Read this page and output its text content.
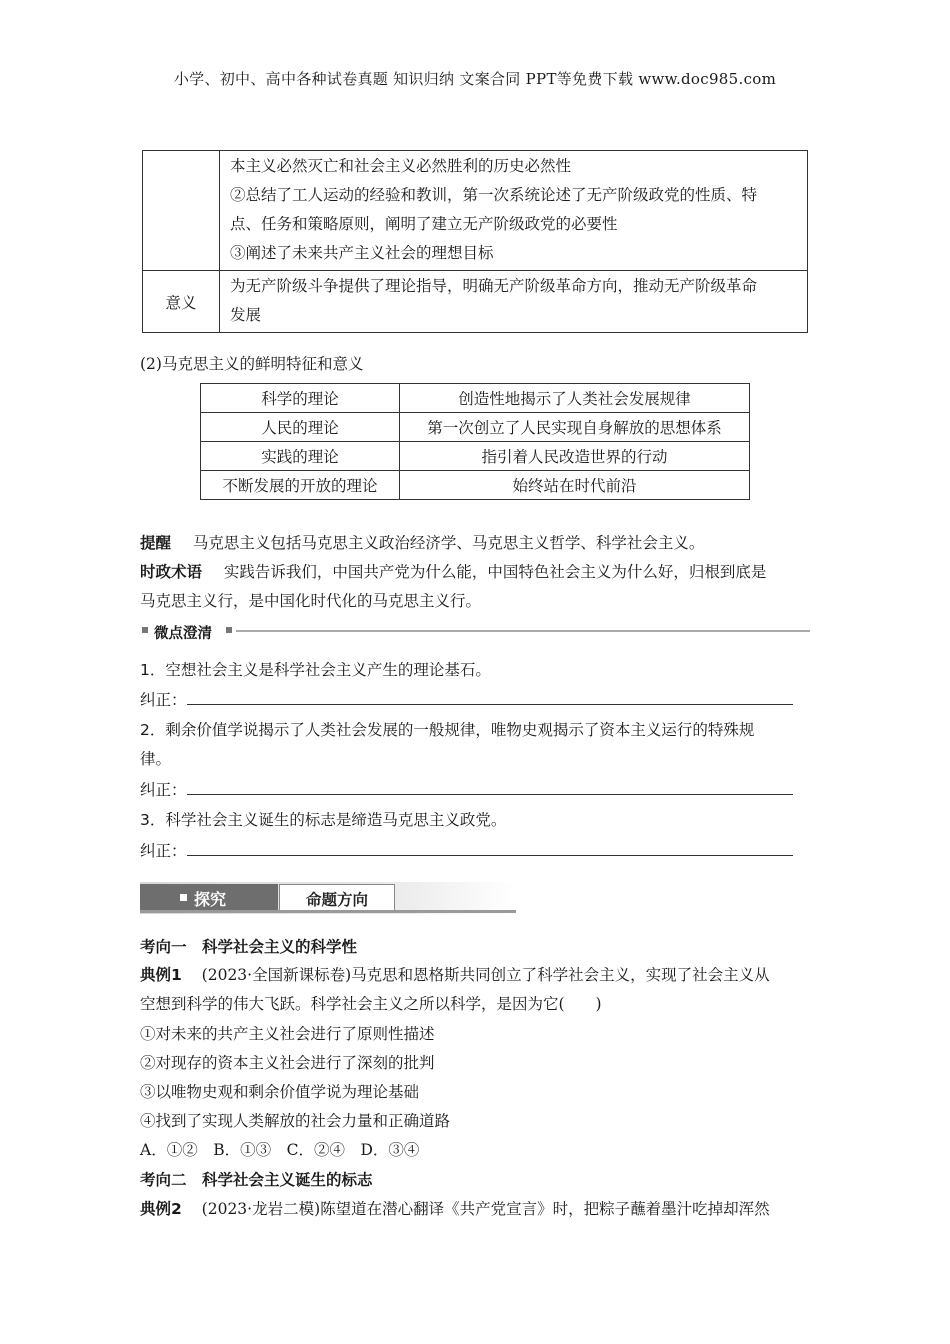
小学、初中、高中各种试卷真题 知识归纳 文案合同 PPT等免费下载 www.doc985.com

	本主义必然灭亡和社会主义必然胜利的历史必然性
②总结了工人运动的经验和教训，第一次系统论述了无产阶级政党的性质、特
点、任务和策略原则，阐明了建立无产阶级政党的必要性
③阐述了未来共产主义社会的理想目标

意义	为无产阶级斗争提供了理论指导，明确无产阶级革命方向，推动无产阶级革命
发展
(2)马克思主义的鲜明特征和意义
科学的理论	创造性地揭示了人类社会发展规律
人民的理论	第一次创立了人民实现自身解放的思想体系
实践的理论	指引着人民改造世界的行动
不断发展的开放的理论	始终站在时代前沿
提醒 马克思主义包括马克思主义政治经济学、马克思主义哲学、科学社会主义。
时政术语 实践告诉我们，中国共产党为什么能，中国特色社会主义为什么好，归根到底是
马克思主义行，是中国化时代化的马克思主义行。
微点澄清
1．空想社会主义是科学社会主义产生的理论基石。
纠正：
2．剩余价值学说揭示了人类社会发展的一般规律，唯物史观揭示了资本主义运行的特殊规
律。
纠正：
3．科学社会主义诞生的标志是缔造马克思主义政党。
纠正：
探究	命题方向
考向一　科学社会主义的科学性
典例1 (2023·全国新课标卷)马克思和恩格斯共同创立了科学社会主义，实现了社会主义从
空想到科学的伟大飞跃。科学社会主义之所以科学，是因为它(　　)
①对未来的共产主义社会进行了原则性描述
②对现存的资本主义社会进行了深刻的批判
③以唯物史观和剩余价值学说为理论基础
④找到了实现人类解放的社会力量和正确道路
A．①②　B．①③　C．②④　D．③④
考向二　科学社会主义诞生的标志
典例2 (2023·龙岩二模)陈望道在潜心翻译《共产党宣言》时，把粽子蘸着墨汁吃掉却浑然
